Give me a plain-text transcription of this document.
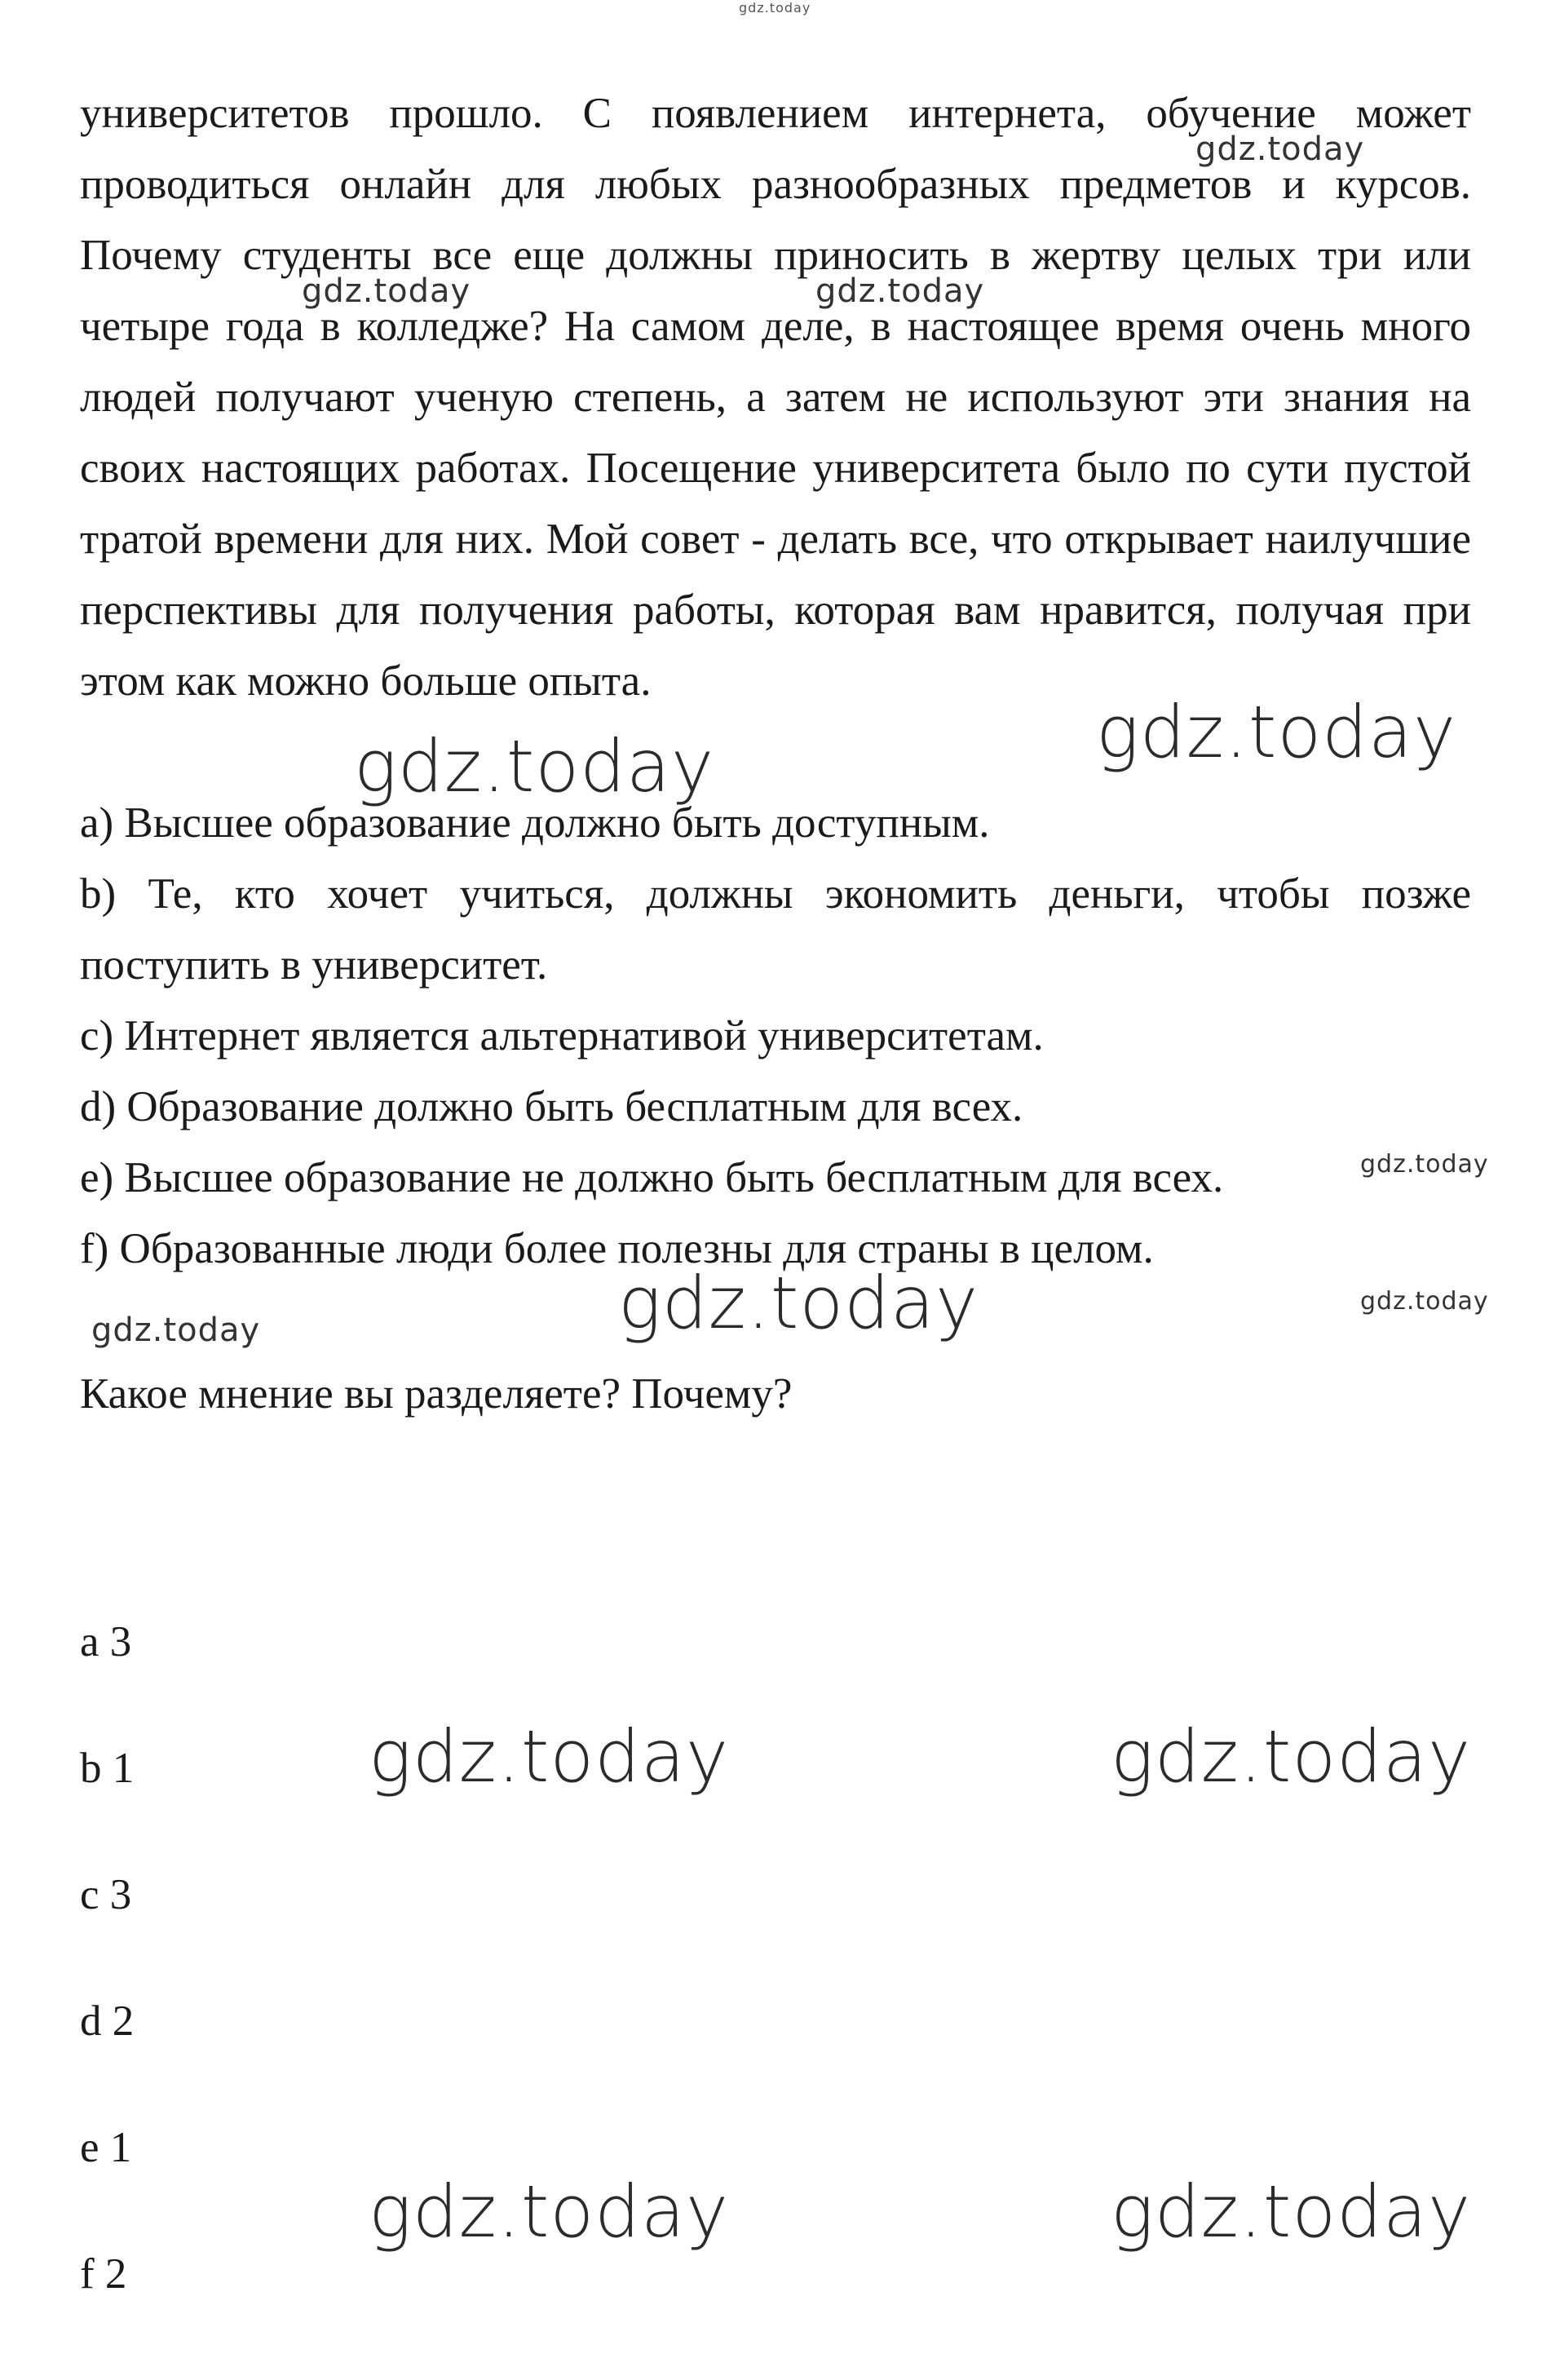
университетов прошло. С появлением интернета, обучение может проводиться онлайн для любых разнообразных предметов и курсов. Почему студенты все еще должны приносить в жертву целых три или четыре года в колледже? На самом деле, в настоящее время очень много людей получают ученую степень, а затем не используют эти знания на своих настоящих работах. Посещение университета было по сути пустой тратой времени для них. Мой совет - делать все, что открывает наилучшие перспективы для получения работы, которая вам нравится, получая при этом как можно больше опыта.

a) Высшее образование должно быть доступным.
b) Те, кто хочет учиться, должны экономить деньги, чтобы позже поступить в университет.
c) Интернет является альтернативой университетам.
d) Образование должно быть бесплатным для всех.
e) Высшее образование не должно быть бесплатным для всех.
f) Образованные люди более полезны для страны в целом.

Какое мнение вы разделяете? Почему?

a 3
b 1
c 3
d 2
e 1
f 2
gdz.today
gdz.today
gdz.today	gdz.today
gdz.today
gdz.today
gdz.today
gdz.today	gdz.today
gdz.today
gdz.today	gdz.today
gdz.today	gdz.today
